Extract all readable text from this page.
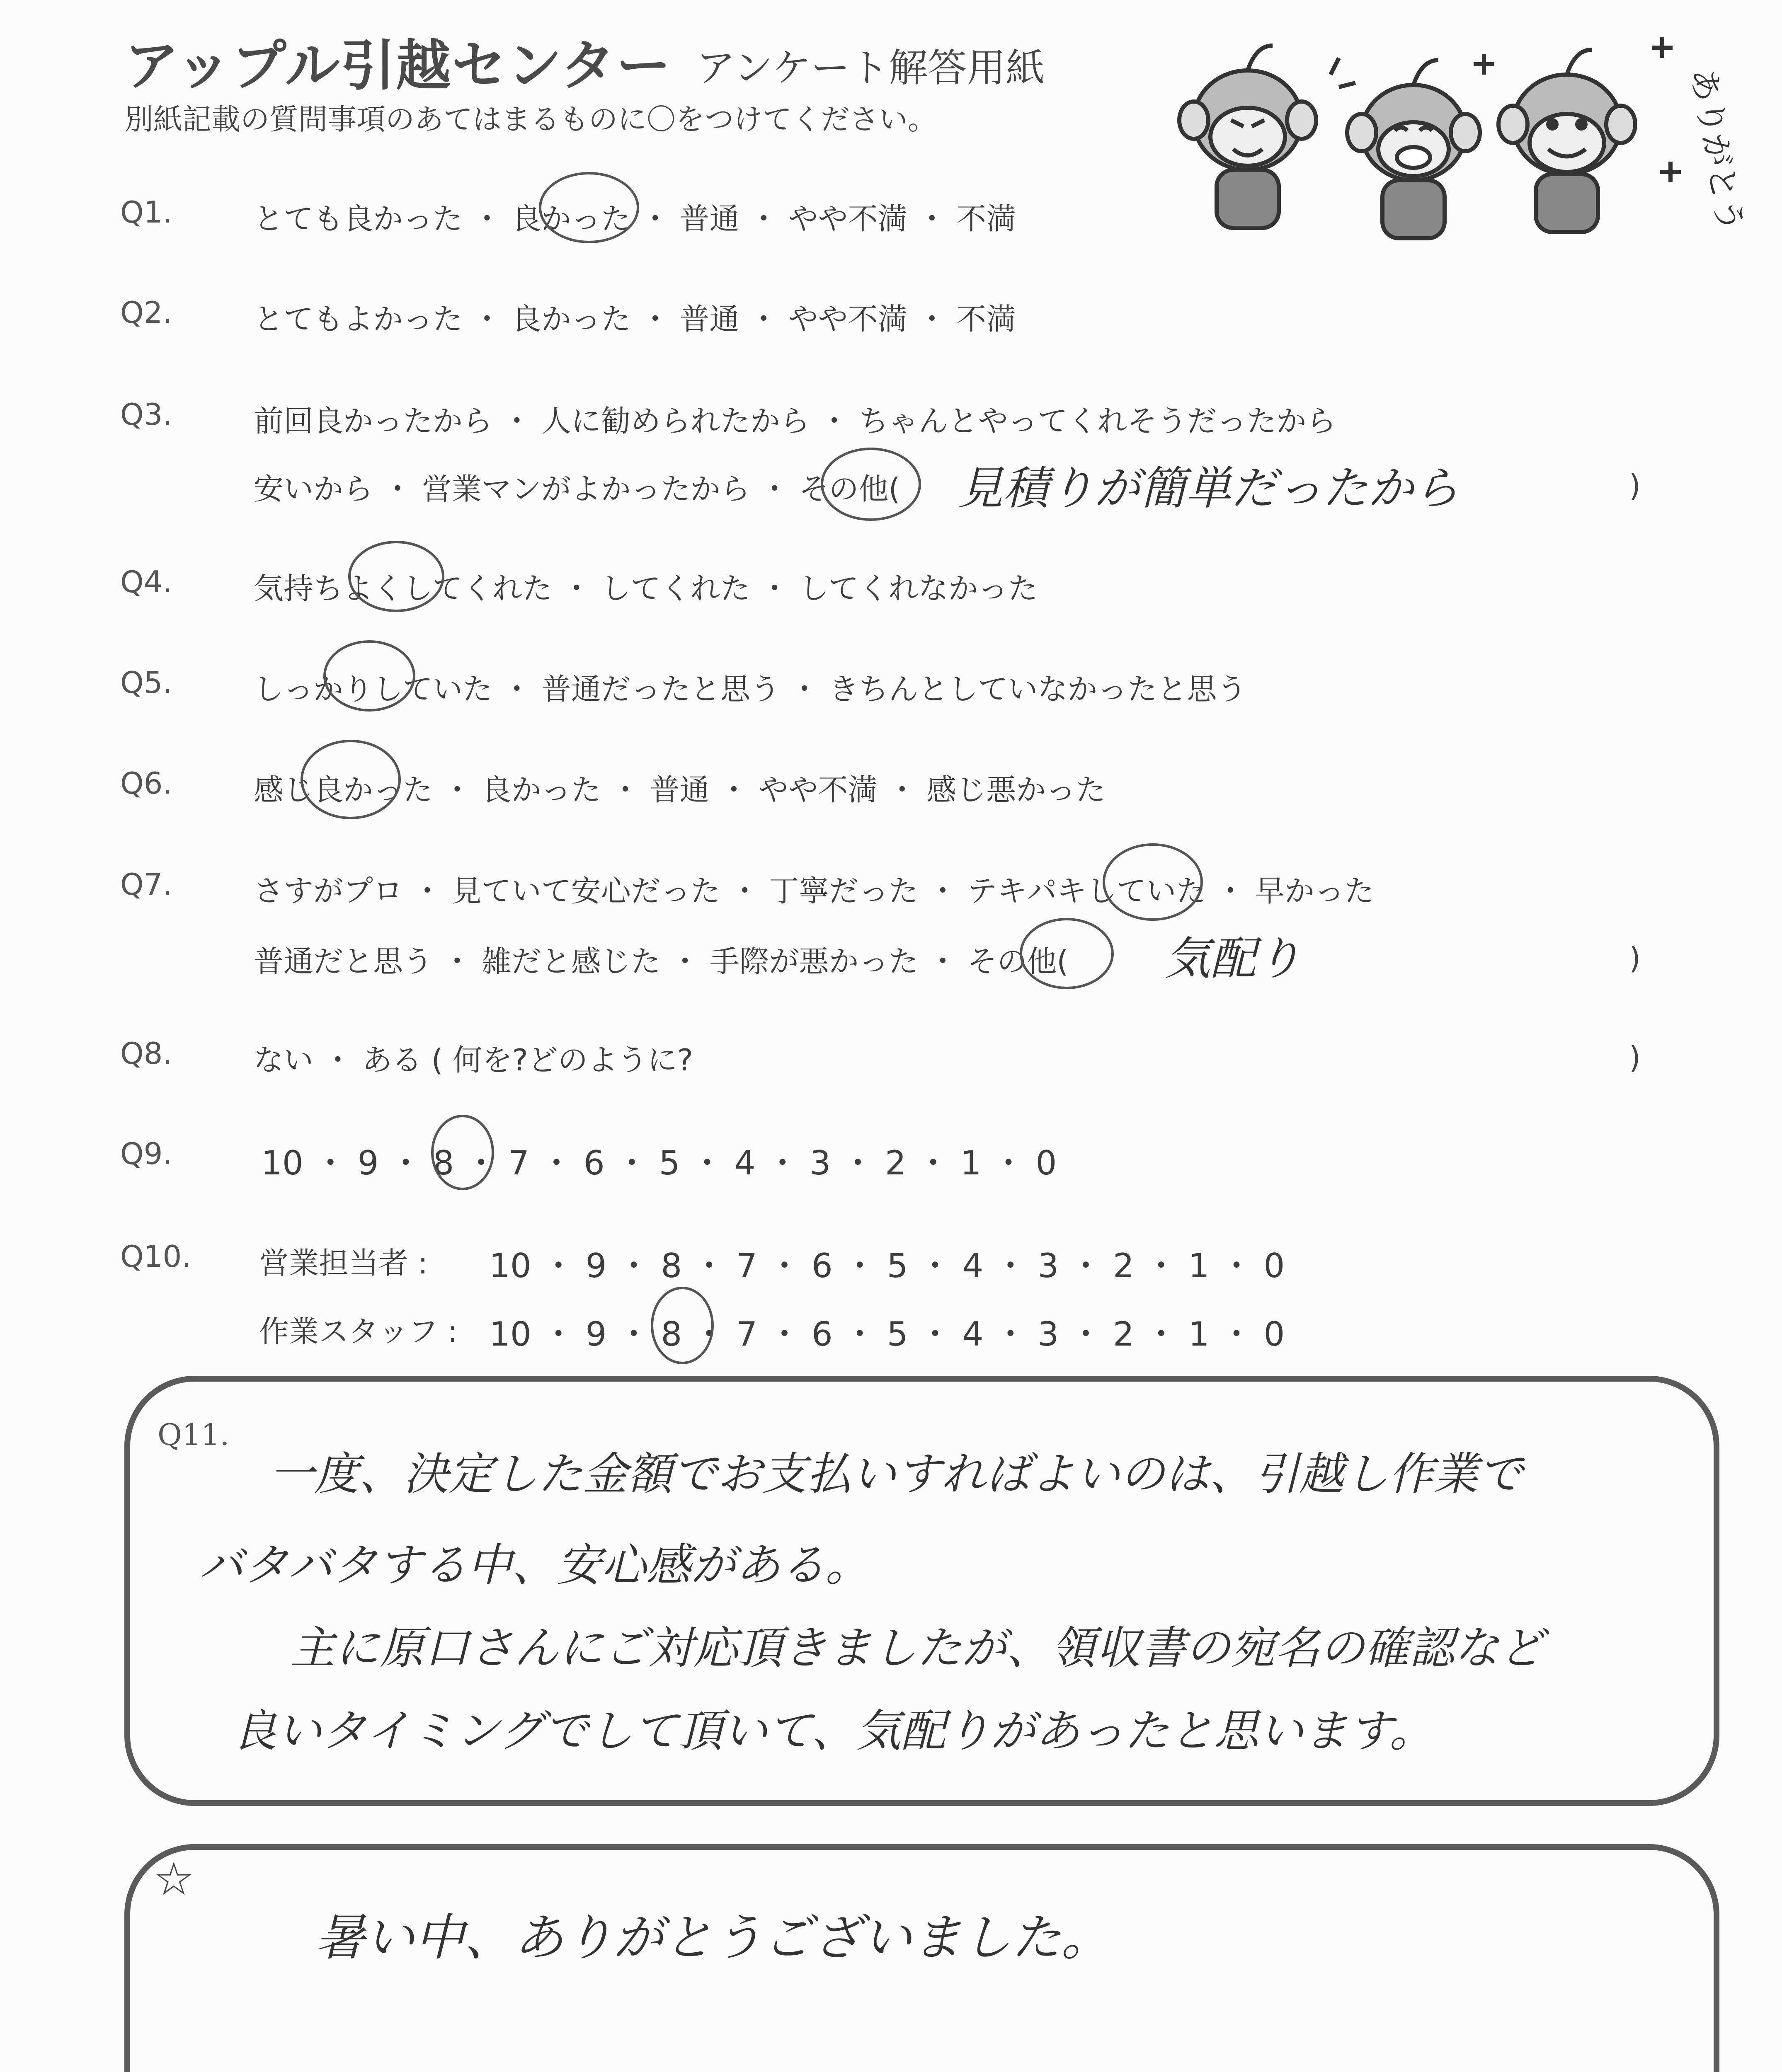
アップル引越センター アンケート解答用紙
別紙記載の質問事項のあてはまるものに〇をつけてください。	ありがとう
Q1.	とても良かった ・ 良かった ・ 普通 ・ やや不満 ・ 不満
Q2.	とてもよかった ・ 良かった ・ 普通 ・ やや不満 ・ 不満
Q3.	前回良かったから ・ 人に勧められたから ・ ちゃんとやってくれそうだったから
安いから ・ 営業マンがよかったから ・ その他( 見積りが簡単だったから	)
Q4.	気持ちよくしてくれた ・ してくれた ・ してくれなかった
Q5.	しっかりしていた ・ 普通だったと思う ・ きちんとしていなかったと思う
Q6.	感じ良かった ・ 良かった ・ 普通 ・ やや不満 ・ 感じ悪かった
Q7.	さすがプロ ・ 見ていて安心だった ・ 丁寧だった ・ テキパキしていた ・ 早かった
普通だと思う ・ 雑だと感じた ・ 手際が悪かった ・ その他( 気配り	)
Q8.	ない ・ ある ( 何を?どのように?	)
Q9.	10 ・ 9 ・ 8 ・ 7 ・ 6 ・ 5 ・ 4 ・ 3 ・ 2 ・ 1 ・ 0
Q10. 営業担当者 : 10 ・ 9 ・ 8 ・ 7 ・ 6 ・ 5 ・ 4 ・ 3 ・ 2 ・ 1 ・ 0
作業スタッフ : 10 ・ 9 ・ 8 ・ 7 ・ 6 ・ 5 ・ 4 ・ 3 ・ 2 ・ 1 ・ 0
Q11.
一度、決定した金額でお支払いすればよいのは、引越し作業で
バタバタする中、安心感がある。
主に原口さんにご対応頂きましたが、領収書の宛名の確認など
良いタイミングでして頂いて、気配りがあったと思います。
☆
暑い中、ありがとうございました。
